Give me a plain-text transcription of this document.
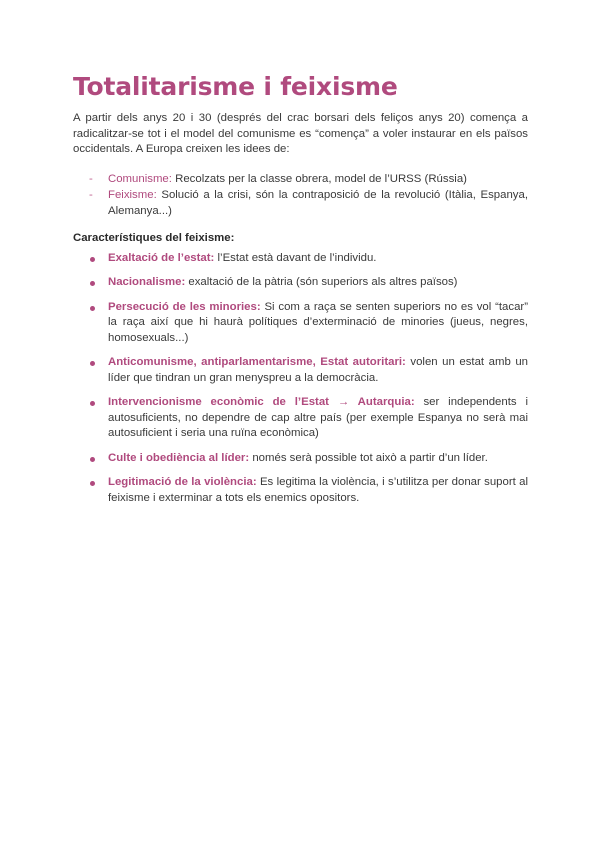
Totalitarisme i feixisme

A partir dels anys 20 i 30 (després del crac borsari dels feliços anys 20) comença a radicalitzar-se tot i el model del comunisme es “comença” a voler instaurar en els països occidentals. A Europa creixen les idees de:

- Comunisme: Recolzats per la classe obrera, model de l’URSS (Rússia)
- Feixisme: Solució a la crisi, són la contraposició de la revolució (Itàlia, Espanya, Alemanya...)
Característiques del feixisme:
Exaltació de l’estat: l’Estat està davant de l’individu.
Nacionalisme: exaltació de la pàtria (són superiors als altres països)
Persecució de les minories: Si com a raça se senten superiors no es vol “tacar” la raça així que hi haurà polítiques d’exterminació de minories (jueus, negres, homosexuals...)
Anticomunisme, antiparlamentarisme, Estat autoritari: volen un estat amb un líder que tindran un gran menyspreu a la democràcia.
Intervencionisme econòmic de l’Estat → Autarquia: ser independents i autosuficients, no dependre de cap altre país (per exemple Espanya no serà mai autosuficient i seria una ruïna econòmica)
Culte i obediència al líder: només serà possible tot això a partir d’un líder.
Legitimació de la violència: Es legitima la violència, i s’utilitza per donar suport al feixisme i exterminar a tots els enemics opositors.
